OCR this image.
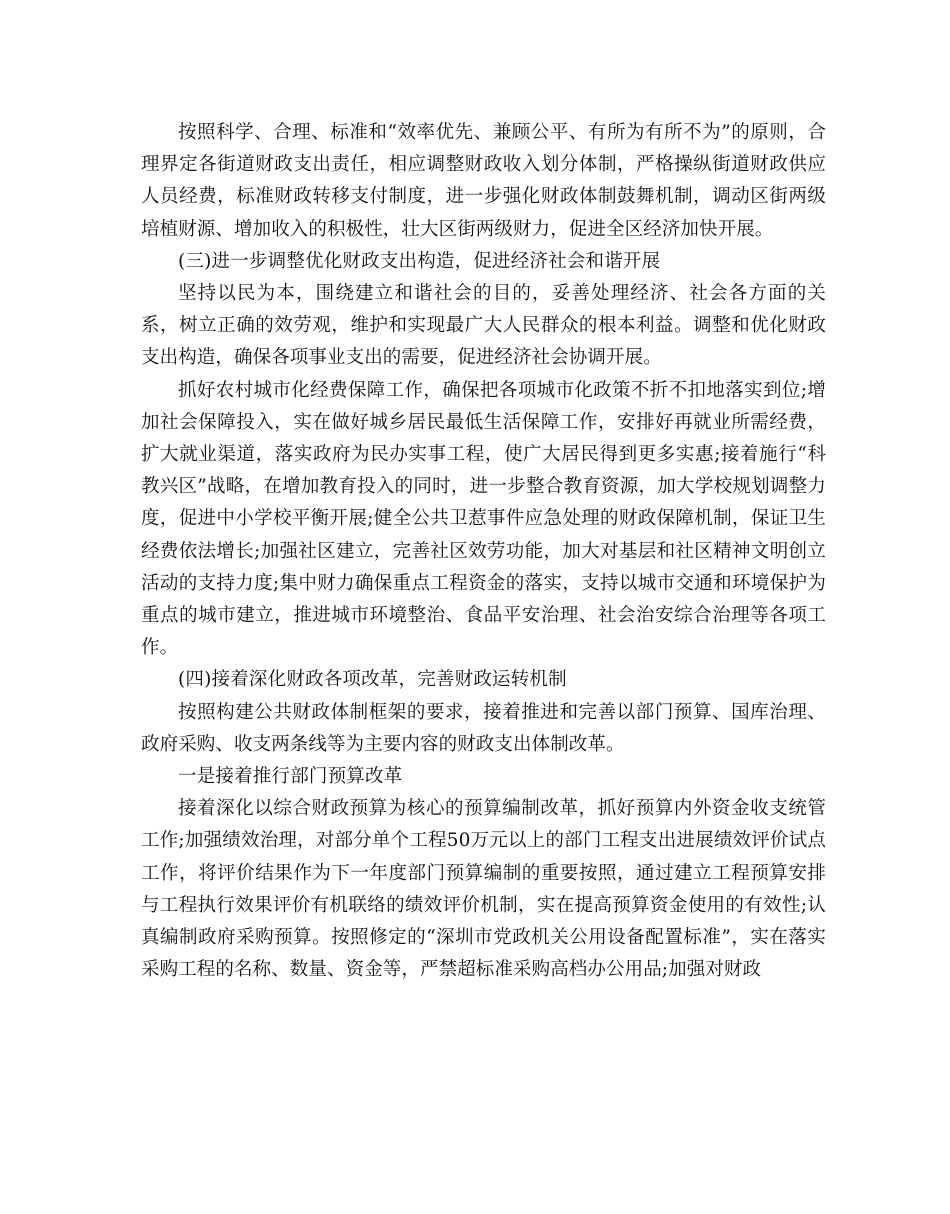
按照科学、合理、标准和“效率优先、兼顾公平、有所为有所不为”的原则，合理界定各街道财政支出责任，相应调整财政收入划分体制，严格操纵街道财政供应人员经费，标准财政转移支付制度，进一步强化财政体制鼓舞机制，调动区街两级培植财源、增加收入的积极性，壮大区街两级财力，促进全区经济加快开展。

(三)进一步调整优化财政支出构造，促进经济社会和谐开展

坚持以民为本，围绕建立和谐社会的目的，妥善处理经济、社会各方面的关系，树立正确的效劳观，维护和实现最广大人民群众的根本利益。调整和优化财政支出构造，确保各项事业支出的需要，促进经济社会协调开展。

抓好农村城市化经费保障工作，确保把各项城市化政策不折不扣地落实到位;增加社会保障投入，实在做好城乡居民最低生活保障工作，安排好再就业所需经费，扩大就业渠道，落实政府为民办实事工程，使广大居民得到更多实惠;接着施行“科教兴区”战略，在增加教育投入的同时，进一步整合教育资源，加大学校规划调整力度，促进中小学校平衡开展;健全公共卫惹事件应急处理的财政保障机制，保证卫生经费依法增长;加强社区建立，完善社区效劳功能，加大对基层和社区精神文明创立活动的支持力度;集中财力确保重点工程资金的落实，支持以城市交通和环境保护为重点的城市建立，推进城市环境整治、食品平安治理、社会治安综合治理等各项工作。

(四)接着深化财政各项改革，完善财政运转机制

按照构建公共财政体制框架的要求，接着推进和完善以部门预算、国库治理、政府采购、收支两条线等为主要内容的财政支出体制改革。

一是接着推行部门预算改革

接着深化以综合财政预算为核心的预算编制改革，抓好预算内外资金收支统管工作;加强绩效治理，对部分单个工程50万元以上的部门工程支出进展绩效评价试点工作，将评价结果作为下一年度部门预算编制的重要按照，通过建立工程预算安排与工程执行效果评价有机联络的绩效评价机制，实在提高预算资金使用的有效性;认真编制政府采购预算。按照修定的“深圳市党政机关公用设备配置标准”，实在落实采购工程的名称、数量、资金等，严禁超标准采购高档办公用品;加强对财政
